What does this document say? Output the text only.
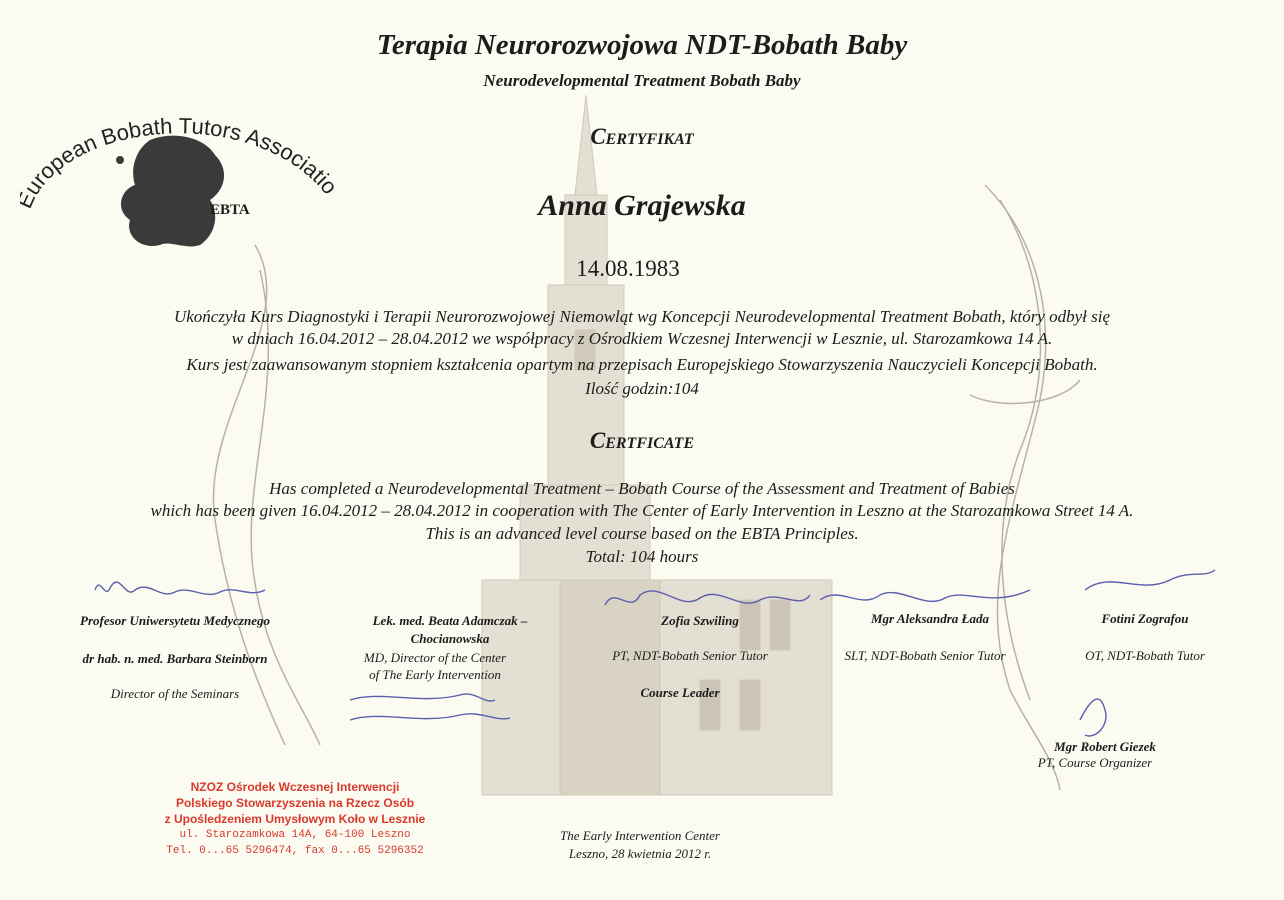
Terapia Neurorozwojowa NDT-Bobath Baby
Neurodevelopmental Treatment Bobath Baby
uropean Bobath Tutors Associatio
EBTA
Certyfikat
Anna Grajewska
14.08.1983
Ukończyła Kurs Diagnostyki i Terapii Neurorozwojowej Niemowląt wg Koncepcji Neurodevelopmental Treatment Bobath, który odbył się
w dniach 16.04.2012 – 28.04.2012 we współpracy z Ośrodkiem Wczesnej Interwencji w Lesznie, ul. Starozamkowa 14 A.
Kurs jest zaawansowanym stopniem kształcenia opartym na przepisach Europejskiego Stowarzyszenia Nauczycieli Koncepcji Bobath.
Ilość godzin:104
Certficate
Has completed a Neurodevelopmental Treatment – Bobath Course of the Assessment and Treatment of Babies
which has been given 16.04.2012 – 28.04.2012 in cooperation with The Center of Early Intervention in Leszno at the Starozamkowa Street 14 A.
This is an advanced level course based on the EBTA Principles.
Total: 104 hours
Profesor Uniwersytetu Medycznego
dr hab. n. med. Barbara Steinborn
Director of the Seminars
Lek. med. Beata Adamczak –
Chocianowska
MD, Director of the Center
of The Early Intervention
Zofia Szwiling
PT, NDT-Bobath Senior Tutor
Course Leader
Mgr Aleksandra Łada
SLT, NDT-Bobath Senior Tutor
Fotini Zografou
OT, NDT-Bobath Tutor
Mgr Robert Giezek
PT, Course Organizer
NZOZ Ośrodek Wczesnej Interwencji
Polskiego Stowarzyszenia na Rzecz Osób
z Upośledzeniem Umysłowym Koło w Lesznie
ul. Starozamkowa 14A, 64-100 Leszno
Tel. 0...65 5296474, fax 0...65 5296352
The Early Interwention Center
Leszno, 28 kwietnia 2012 r.
